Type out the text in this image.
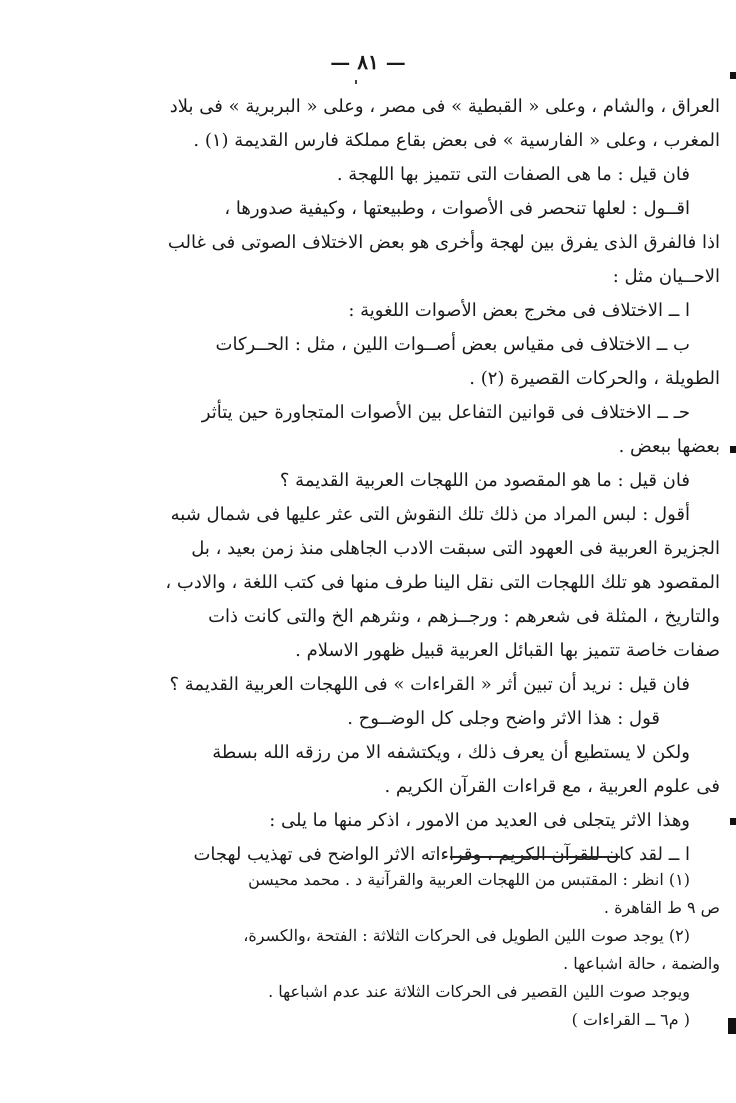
— ٨١ —
العراق ، والشام ، وعلى « القبطية » فى مصر ، وعلى « البربرية » فى بلاد
المغرب ، وعلى « الفارسية » فى بعض بقاع مملكة فارس القديمة (١) .
فان قيل : ما هى الصفات التى تتميز بها اللهجة .
اقــول : لعلها تنحصر فى الأصوات ، وطبيعتها ، وكيفية صدورها ،
اذا فالفرق الذى يفرق بين لهجة وأخرى هو بعض الاختلاف الصوتى فى غالب
الاحــيان مثل :
ا ــ الاختلاف فى مخرج بعض الأصوات اللغوية :
ب ــ الاختلاف فى مقياس بعض أصــوات اللين ، مثل : الحــركات
الطويلة ، والحركات القصيرة (٢) .
حـ ــ الاختلاف فى قوانين التفاعل بين الأصوات المتجاورة حين يتأثر
بعضها ببعض .
فان قيل : ما هو المقصود من اللهجات العربية القديمة ؟
أقول : لبس المراد من ذلك تلك النقوش التى عثر عليها فى شمال شبه
الجزيرة العربية فى العهود التى سبقت الادب الجاهلى منذ زمن بعيد ، بل
المقصود هو تلك اللهجات التى نقل الينا طرف منها فى كتب اللغة ، والادب ،
والتاريخ ، المثلة فى شعرهم : ورجــزهم ، ونثرهم الخ والتى كانت ذات
صفات خاصة تتميز بها القبائل العربية قبيل ظهور الاسلام .
فان قيل : نريد أن تبين أثر « القراءات » فى اللهجات العربية القديمة ؟
قول : هذا الاثر واضح وجلى كل الوضــوح .
ولكن لا يستطيع أن يعرف ذلك ، ويكتشفه الا من رزقه الله بسطة
فى علوم العربية ، مع قراءات القرآن الكريم .
وهذا الاثر يتجلى فى العديد من الامور ، اذكر منها ما يلى :
ا ــ لقد كان للقرآن الكريم ، وقراءاته الاثر الواضح فى تهذيب لهجات
(١) انظر : المقتبس من اللهجات العربية والقرآنية د . محمد محيسن
ص ٩ ط القاهرة .
(٢) يوجد صوت اللين الطويل فى الحركات الثلاثة : الفتحة ،والكسرة،
والضمة ، حالة اشباعها .
ويوجد صوت اللين القصير فى الحركات الثلاثة عند عدم اشباعها .
( م٦ ــ القراءات )
